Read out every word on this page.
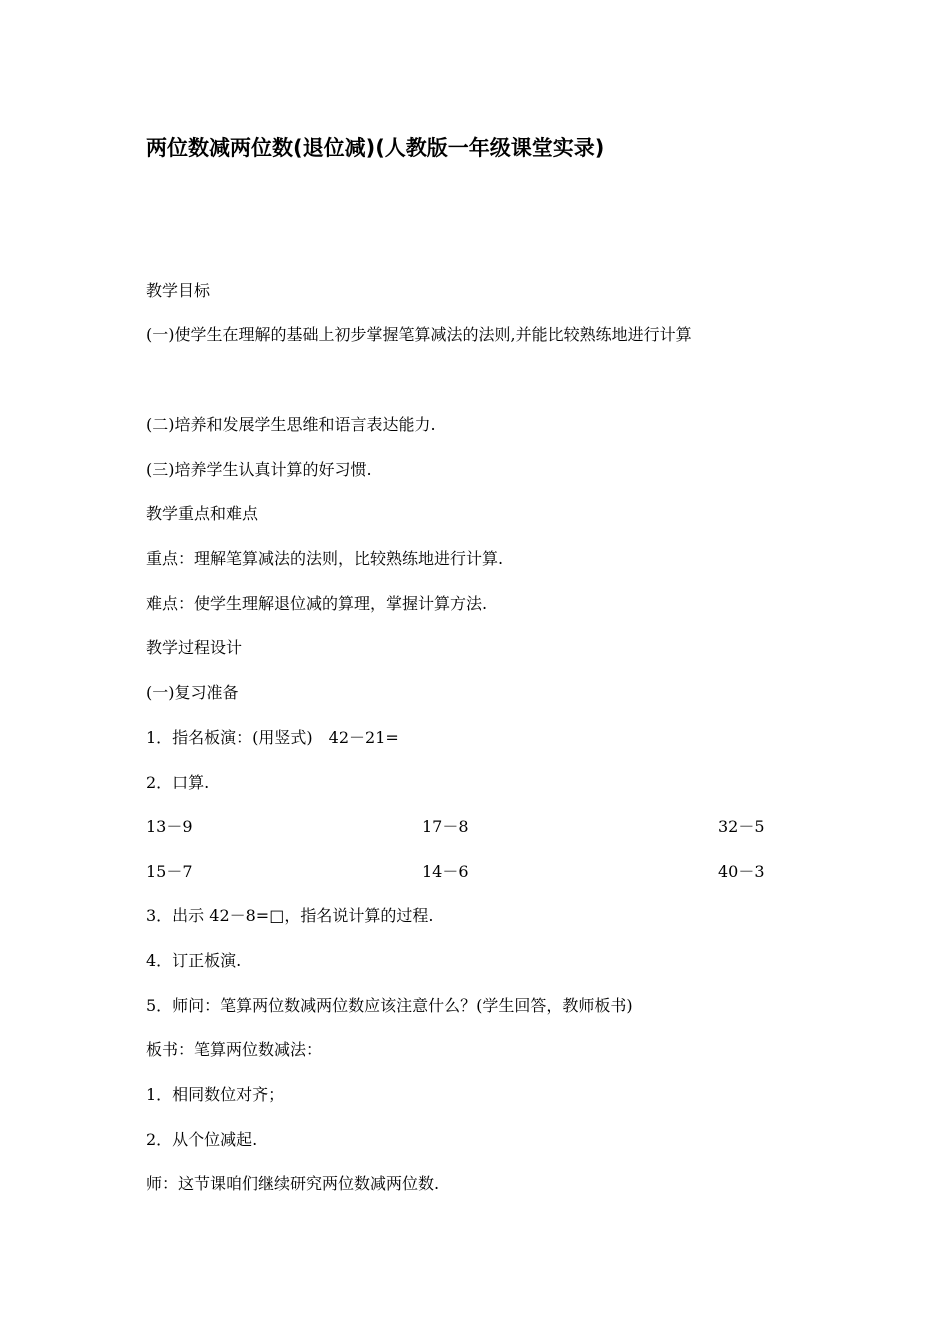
两位数减两位数(退位减)(人教版一年级课堂实录)

教学目标

(一)使学生在理解的基础上初步掌握笔算减法的法则,并能比较熟练地进行计算

(二)培养和发展学生思维和语言表达能力.

(三)培养学生认真计算的好习惯.

教学重点和难点

重点：理解笔算减法的法则，比较熟练地进行计算.

难点：使学生理解退位减的算理，掌握计算方法.

教学过程设计

(一)复习准备

1．指名板演：(用竖式)　42－21=

2．口算.

13－9	17－8	32－5
15－7	14－6	40－3

3．出示 42－8=□，指名说计算的过程.

4．订正板演.

5．师问：笔算两位数减两位数应该注意什么？(学生回答，教师板书)

板书：笔算两位数减法：

1．相同数位对齐；

2．从个位减起.

师：这节课咱们继续研究两位数减两位数.
